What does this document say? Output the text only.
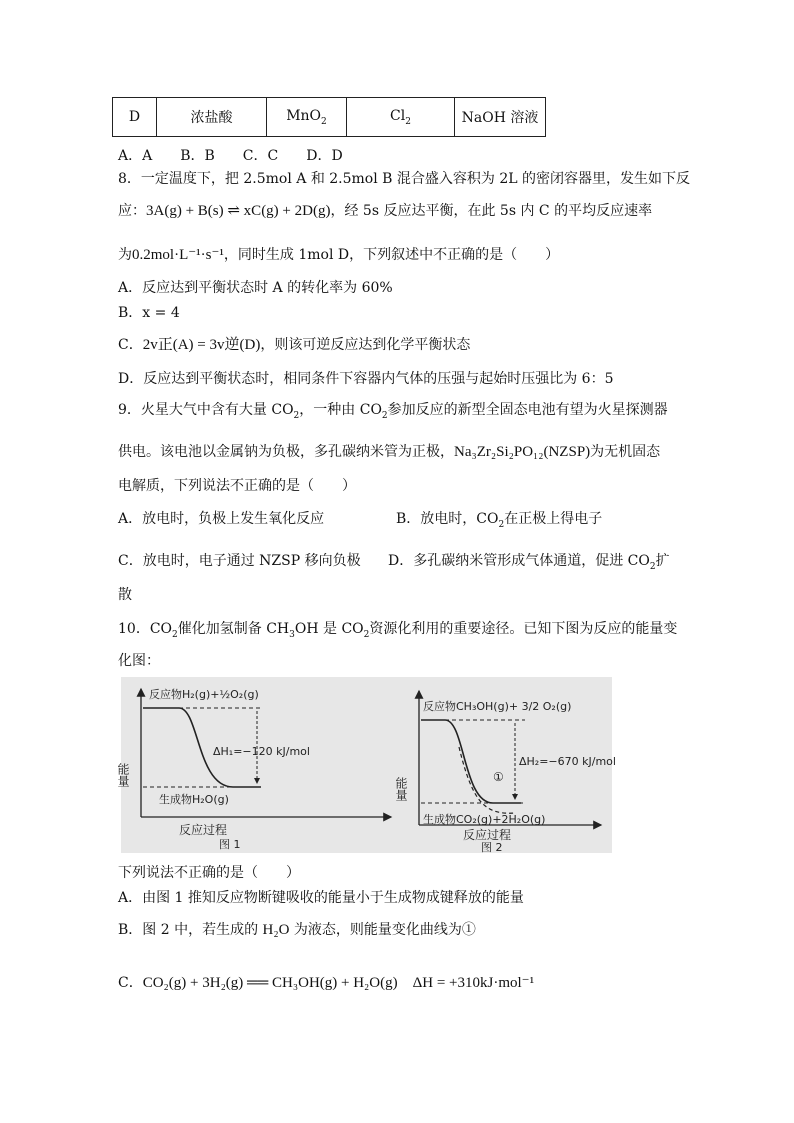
D	浓盐酸	MnO$_2$	$Cl_2$	NaOH 溶液
A．A　　B．B　　C．C　　D．D
8．一定温度下，把 2.5mol A 和 2.5mol B 混合盛入容积为 2L 的密闭容器里，发生如下反
应：3A(g) + B(s) ⇌ xC(g) + 2D(g)，经 5s 反应达平衡，在此 5s 内 C 的平均反应速率
为0.2mol·L⁻¹·s⁻¹，同时生成 1mol D，下列叙述中不正确的是（　　）
A．反应达到平衡状态时 A 的转化率为 60%
B．x = 4
C．2v正(A) = 3v逆(D)，则该可逆反应达到化学平衡状态
D．反应达到平衡状态时，相同条件下容器内气体的压强与起始时压强比为 6：5
9．火星大气中含有大量 $CO_2$，一种由 $CO_2$参加反应的新型全固态电池有望为火星探测器
供电。该电池以金属钠为负极，多孔碳纳米管为正极，Na₃Zr₂Si₂PO₁₂(NZSP)为无机固态
电解质，下列说法不正确的是（　　）
A．放电时，负极上发生氧化反应	B．放电时，$CO_2$在正极上得电子
C．放电时，电子通过 NZSP 移向负极 D．多孔碳纳米管形成气体通道，促进 $CO_2$扩
散
10．$CO_2$催化加氢制备 $CH_3OH$ 是 $CO_2$资源化利用的重要途径。已知下图为反应的能量变
化图：
反应物H₂(g)+½O₂(g)
生成物H₂O(g)
ΔH₁=−120 kJ/mol
能量
反应过程
图 1
反应物CH₃OH(g)+ 3/2 O₂(g)
生成物CO₂(g)+2H₂O(g)
ΔH₂=−670 kJ/mol
①
能量
反应过程
图 2
下列说法不正确的是（　　）
A．由图 1 推知反应物断键吸收的能量小于生成物成键释放的能量
B．图 2 中，若生成的 H₂O 为液态，则能量变化曲线为①
C．CO₂(g) + 3H₂(g) ══ CH₃OH(g) + H₂O(g)　ΔH = +310kJ·mol⁻¹
